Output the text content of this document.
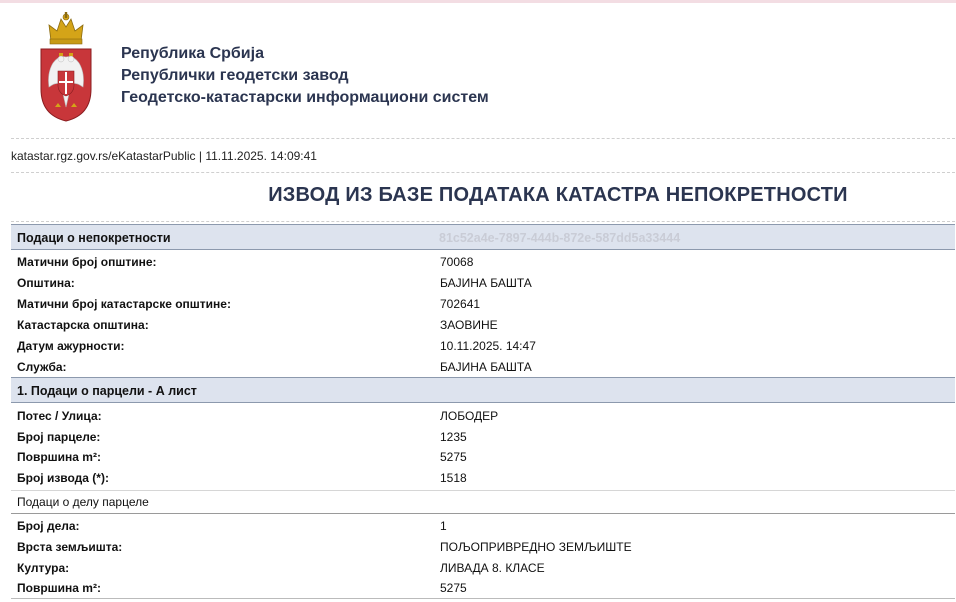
Република Србија
Републички геодетски завод
Геодетско-катастарски информациони систем
katastar.rgz.gov.rs/eKatastarPublic | 11.11.2025. 14:09:41
ИЗВОД ИЗ БАЗЕ ПОДАТАКА КАТАСТРА НЕПОКРЕТНОСТИ
Подаци о непокретности	81c52a4e-7897-444b-872e-587dd5a33444
Матични број општине:	70068
Општина:	БАЈИНА БАШТА
Матични број катастарске општине:	702641
Катастарска општина:	ЗАОВИНЕ
Датум ажурности:	10.11.2025. 14:47
Служба:	БАЈИНА БАШТА
1. Подаци о парцели - А лист
Потес / Улица:	ЛОБОДЕР
Број парцеле:	1235
Површина m²:	5275
Број извода (*):	1518
Подаци о делу парцеле
Број дела:	1
Врста земљишта:	ПОЉОПРИВРЕДНО ЗЕМЉИШТЕ
Култура:	ЛИВАДА 8. КЛАСЕ
Површина m²:	5275
